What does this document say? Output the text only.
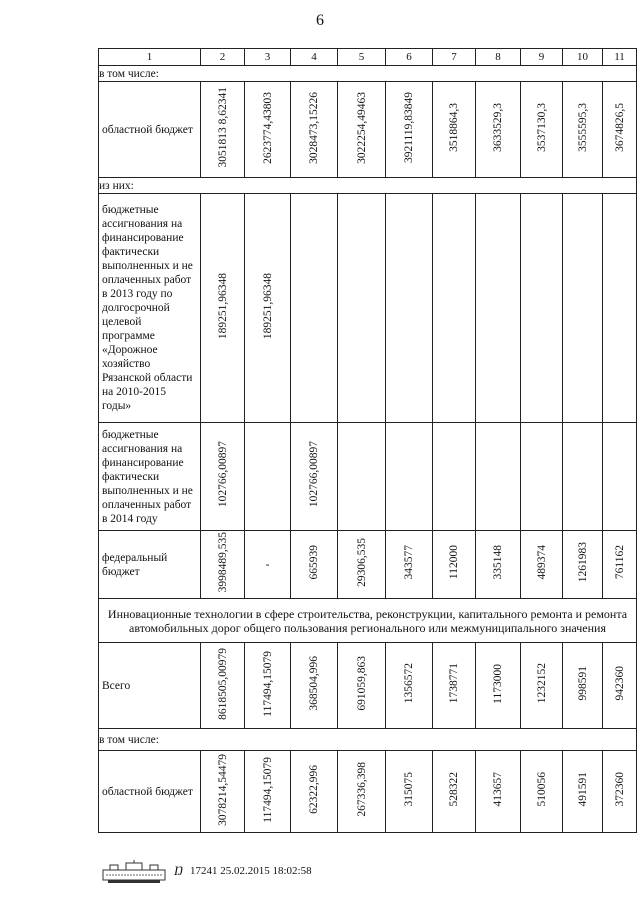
6
1	2	3	4	5	6	7	8	9	10	11
в том числе:										
областной бюджет	3051813 8,62341	2623774,43803	3028473,15226	3022254,49463	3921119,83849	3518864,3	3633529,3	3537130,3	3555595,3	3674826,5
из них:										
бюджетные ассигнования на финансирование фактически выполненных и не оплаченных работ в 2013 году по долгосрочной целевой программе «Дорожное хозяйство Рязанской области на 2010-2015 годы»	189251,96348	189251,96348								
бюджетные ассигнования на финансирование фактически выполненных и не оплаченных работ в 2014 году	102766,00897		102766,00897							
федеральный бюджет	3998489,535	-	665939	29306,535	343577	112000	335148	489374	1261983	761162
Инновационные технологии в сфере строительства, реконструкции, капитального ремонта и ремонта автомобильных дорог общего пользования регионального или межмуниципального значения										
Всего	8618505,00979	117494,15079	368504,996	691059,863	1356572	1738771	1173000	1232152	998591	942360
в том числе:										
областной бюджет	3078214,54479	117494,15079	62322,996	267336,398	315075	528322	413657	510056	491591	372360
Ŋ 17241 25.02.2015 18:02:58
